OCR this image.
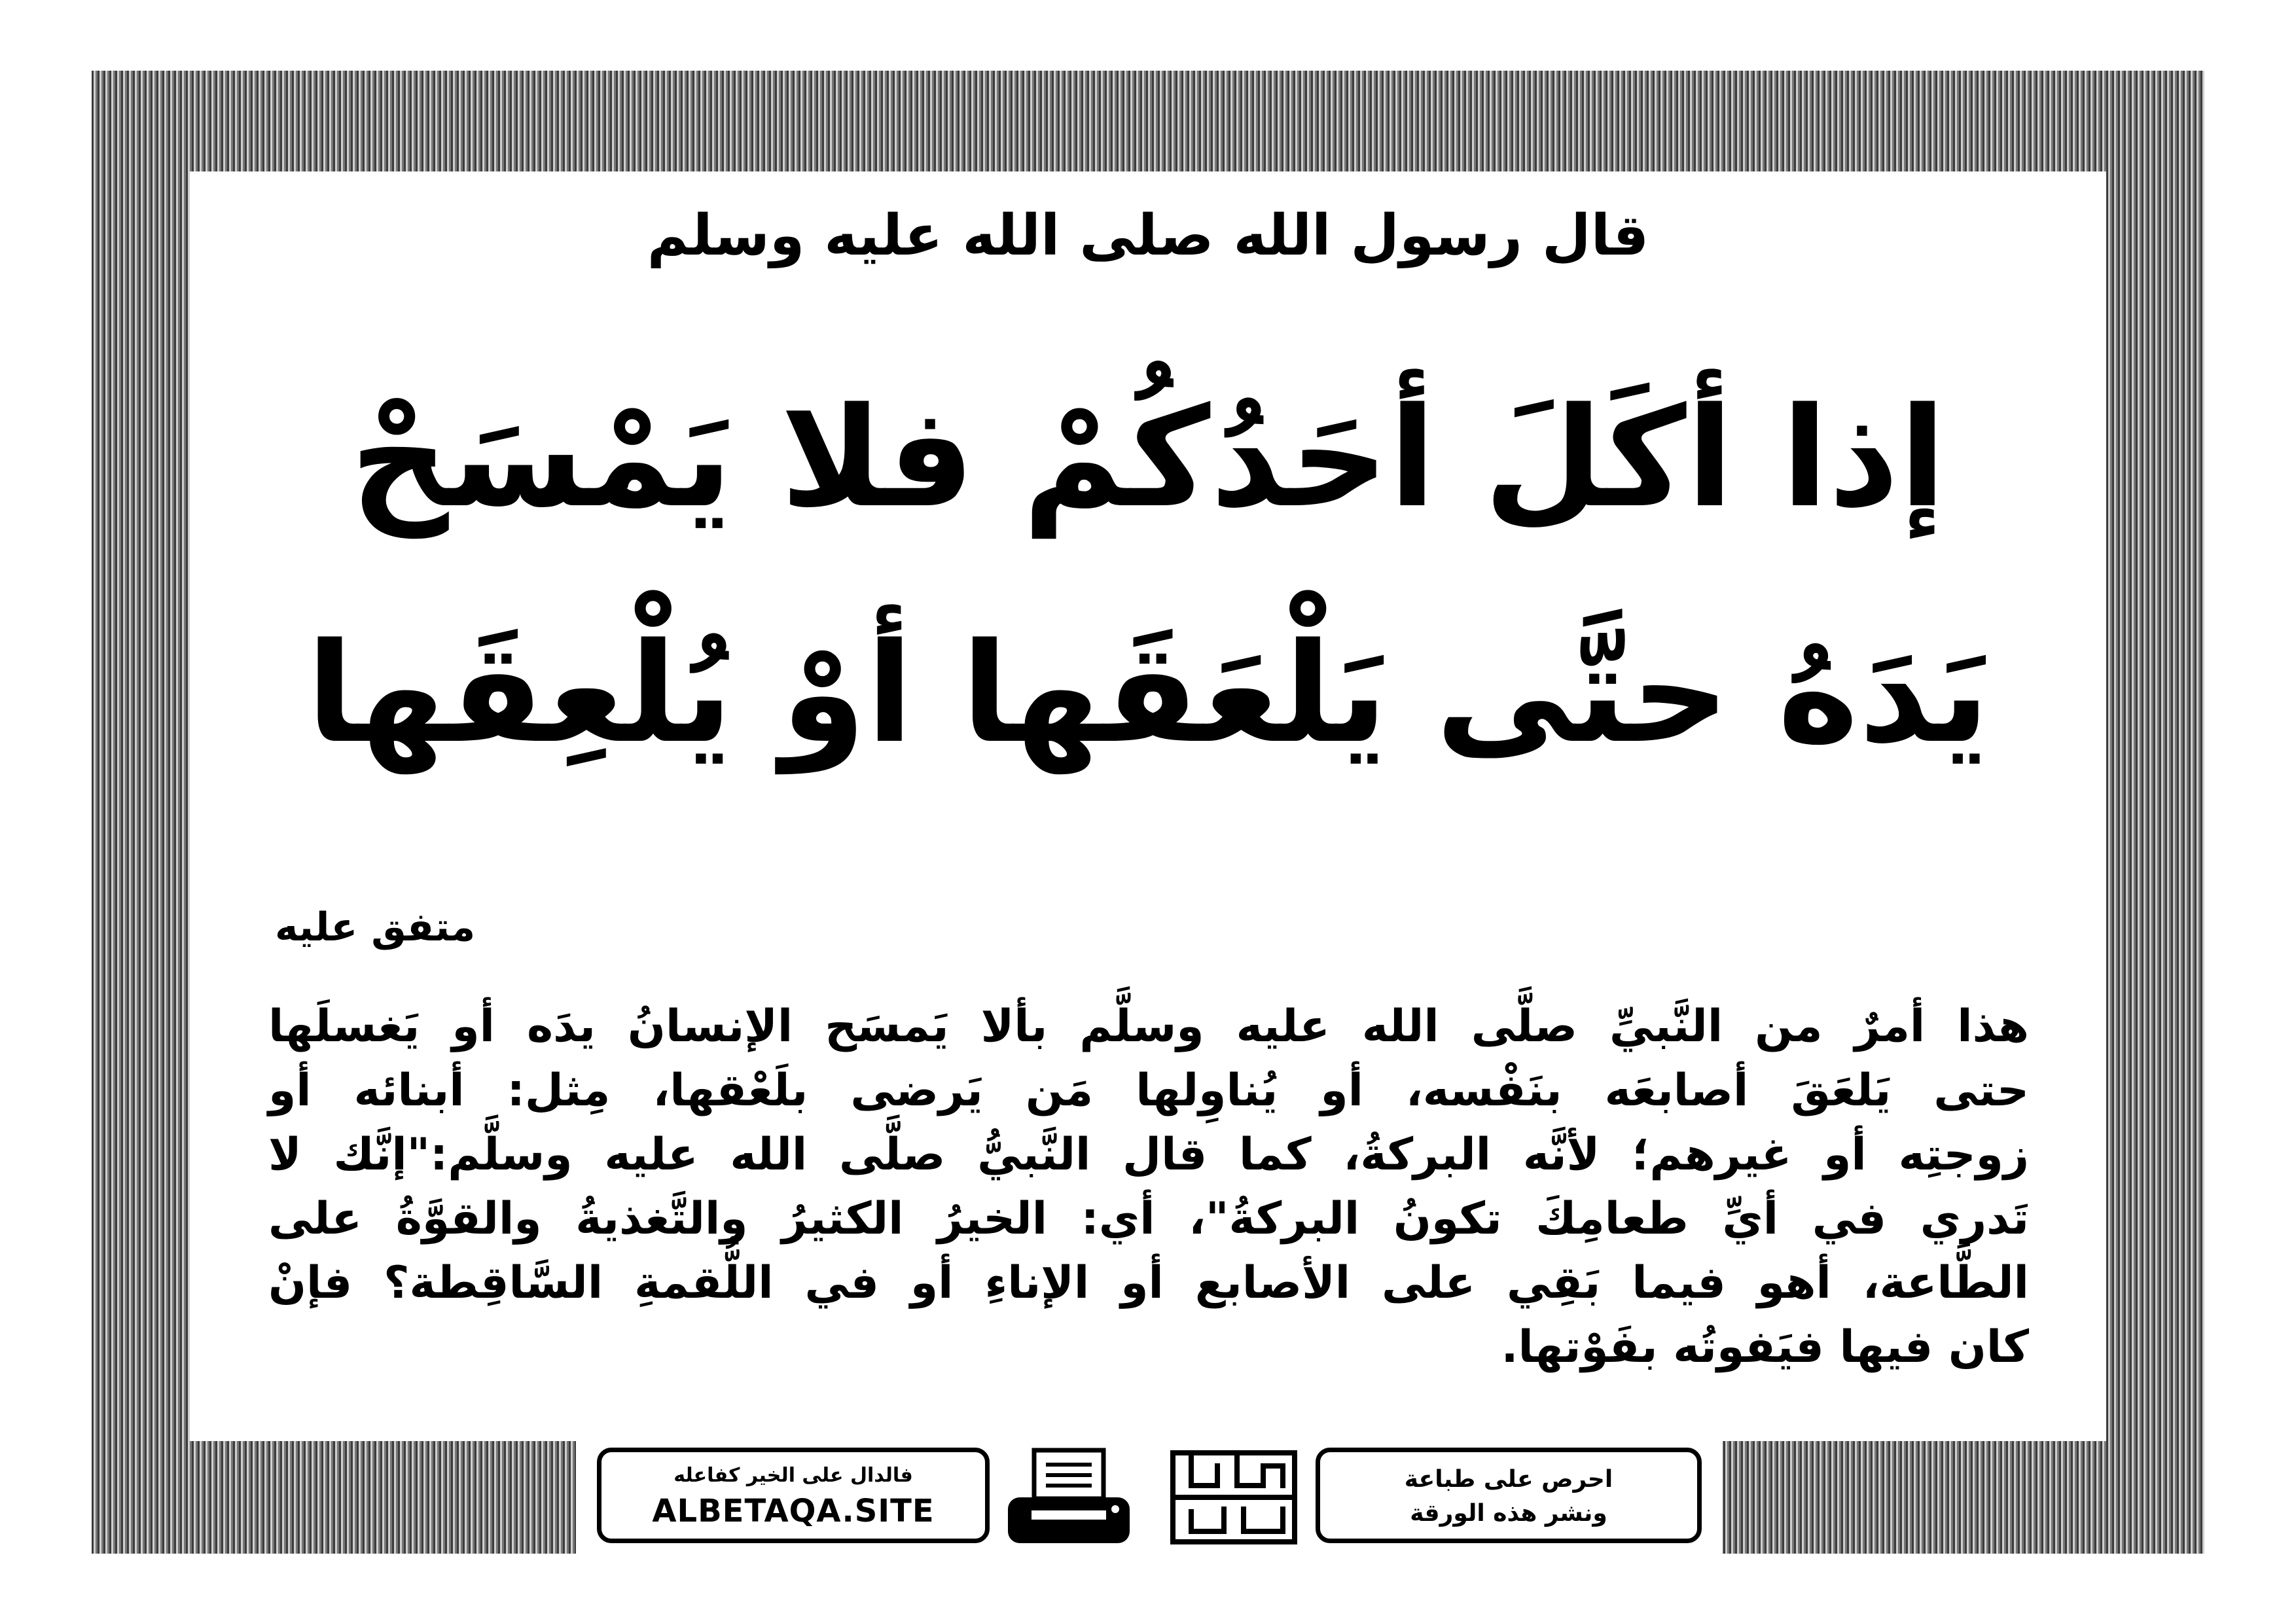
قال رسول الله صلى الله عليه وسلم
إذا أكَلَ أحَدُكُمْ فلا يَمْسَحْ
يَدَهُ حتَّى يَلْعَقَها أوْ يُلْعِقَها
متفق عليه
هذا أمرٌ من النَّبيِّ صلَّى الله عليه وسلَّم بألا يَمسَح الإنسانُ يدَه أو يَغسلَها
حتى يَلعَقَ أصابعَه بنَفْسه، أو يُناوِلها مَن يَرضى بلَعْقها، مِثل: أبنائه أو
زوجتِه أو غيرهم؛ لأنَّه البركةُ، كما قال النَّبيُّ صلَّى الله عليه وسلَّم:"إنَّك لا
تَدري في أيِّ طعامِكَ تكونُ البركةُ"، أي: الخيرُ الكثيرُ والتَّغذيةُ والقوَّةُ على
الطَّاعة، أهو فيما بَقِي على الأصابع أو الإناءِ أو في اللُّقمةِ السَّاقِطة؟ فإنْ
كان فيها فيَفوتُه بفَوْتها.
فالدال على الخير كفاعله
ALBETAQA.SITE
احرص على طباعة
ونشر هذه الورقة
